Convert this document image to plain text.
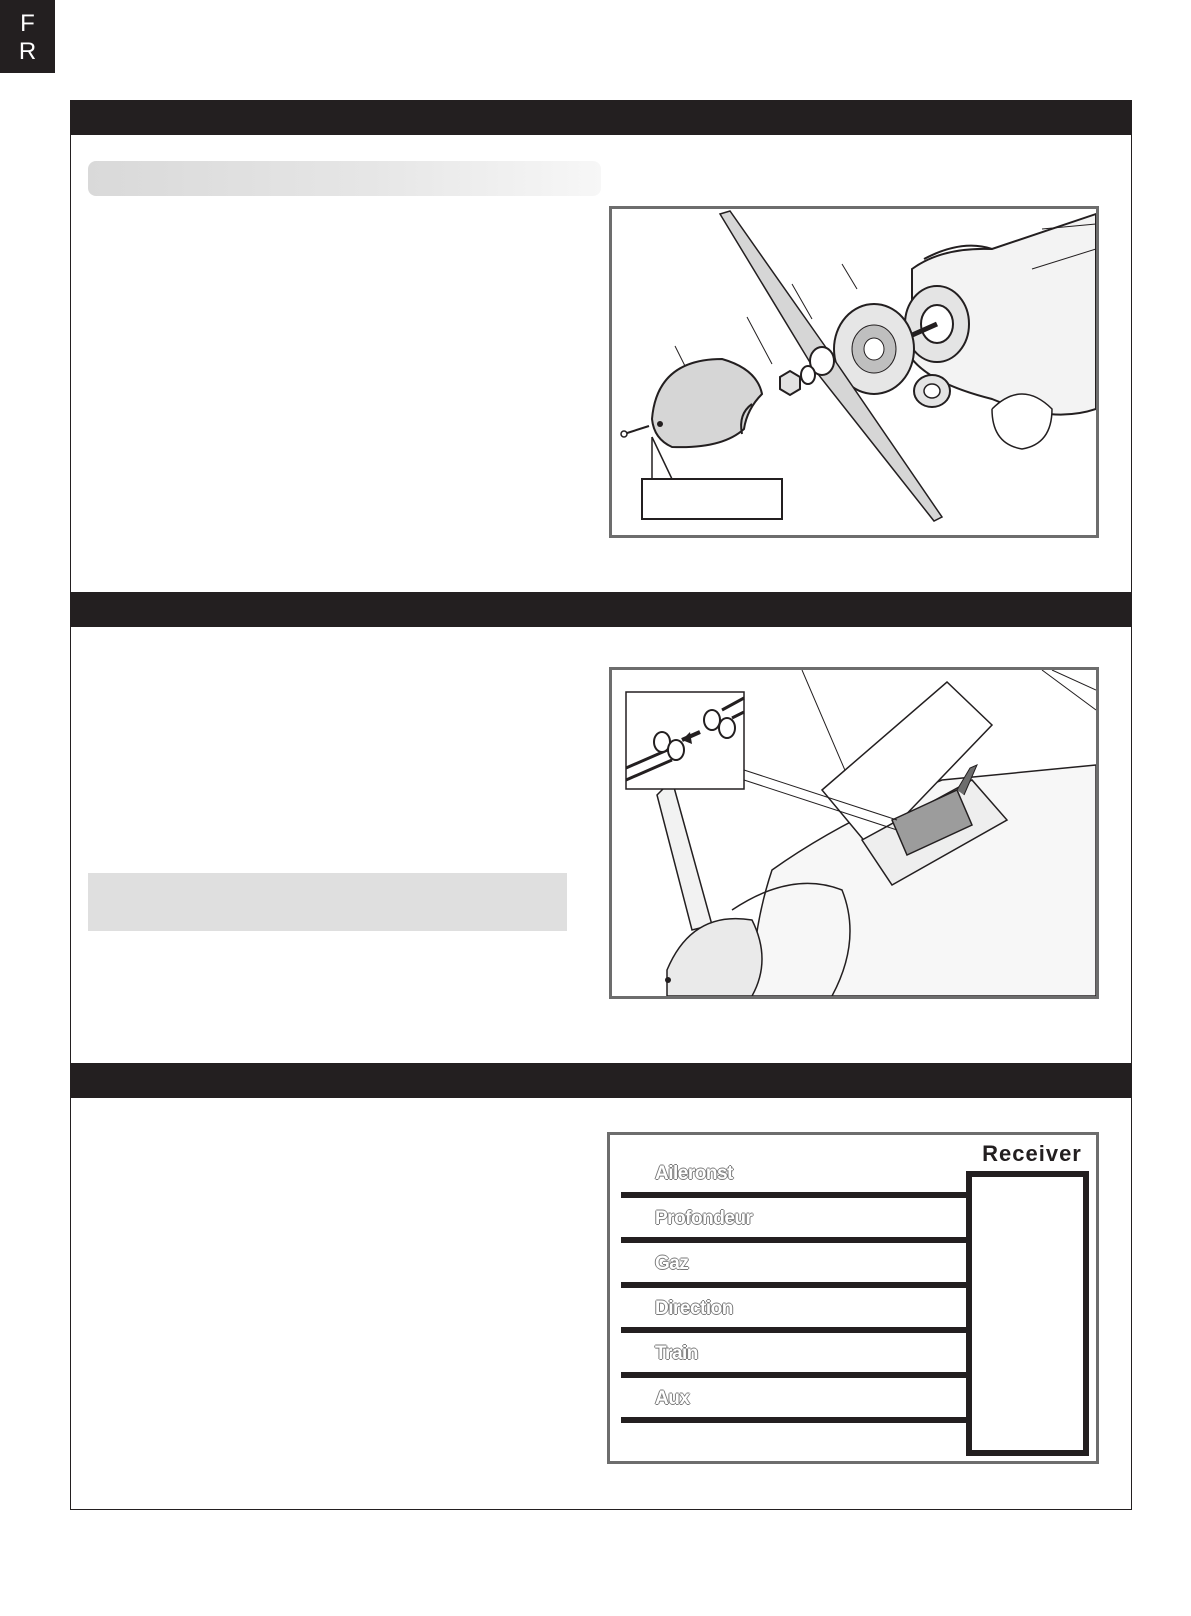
F
R
Receiver
Aileronst
Profondeur
Gaz
Direction
Train
Aux
